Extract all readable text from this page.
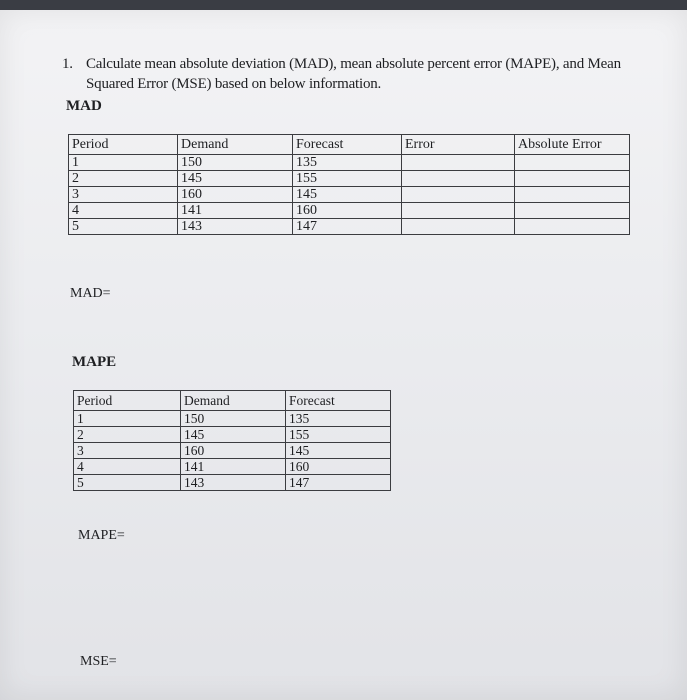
1. Calculate mean absolute deviation (MAD), mean absolute percent error (MAPE), and Mean
Squared Error (MSE) based on below information.
MAD
Period	Demand	Forecast	Error	Absolute Error
1	150	135		
2	145	155		
3	160	145		
4	141	160		
5	143	147		
MAD=
MAPE
Period	Demand	Forecast
1	150	135
2	145	155
3	160	145
4	141	160
5	143	147
MAPE=
MSE=
